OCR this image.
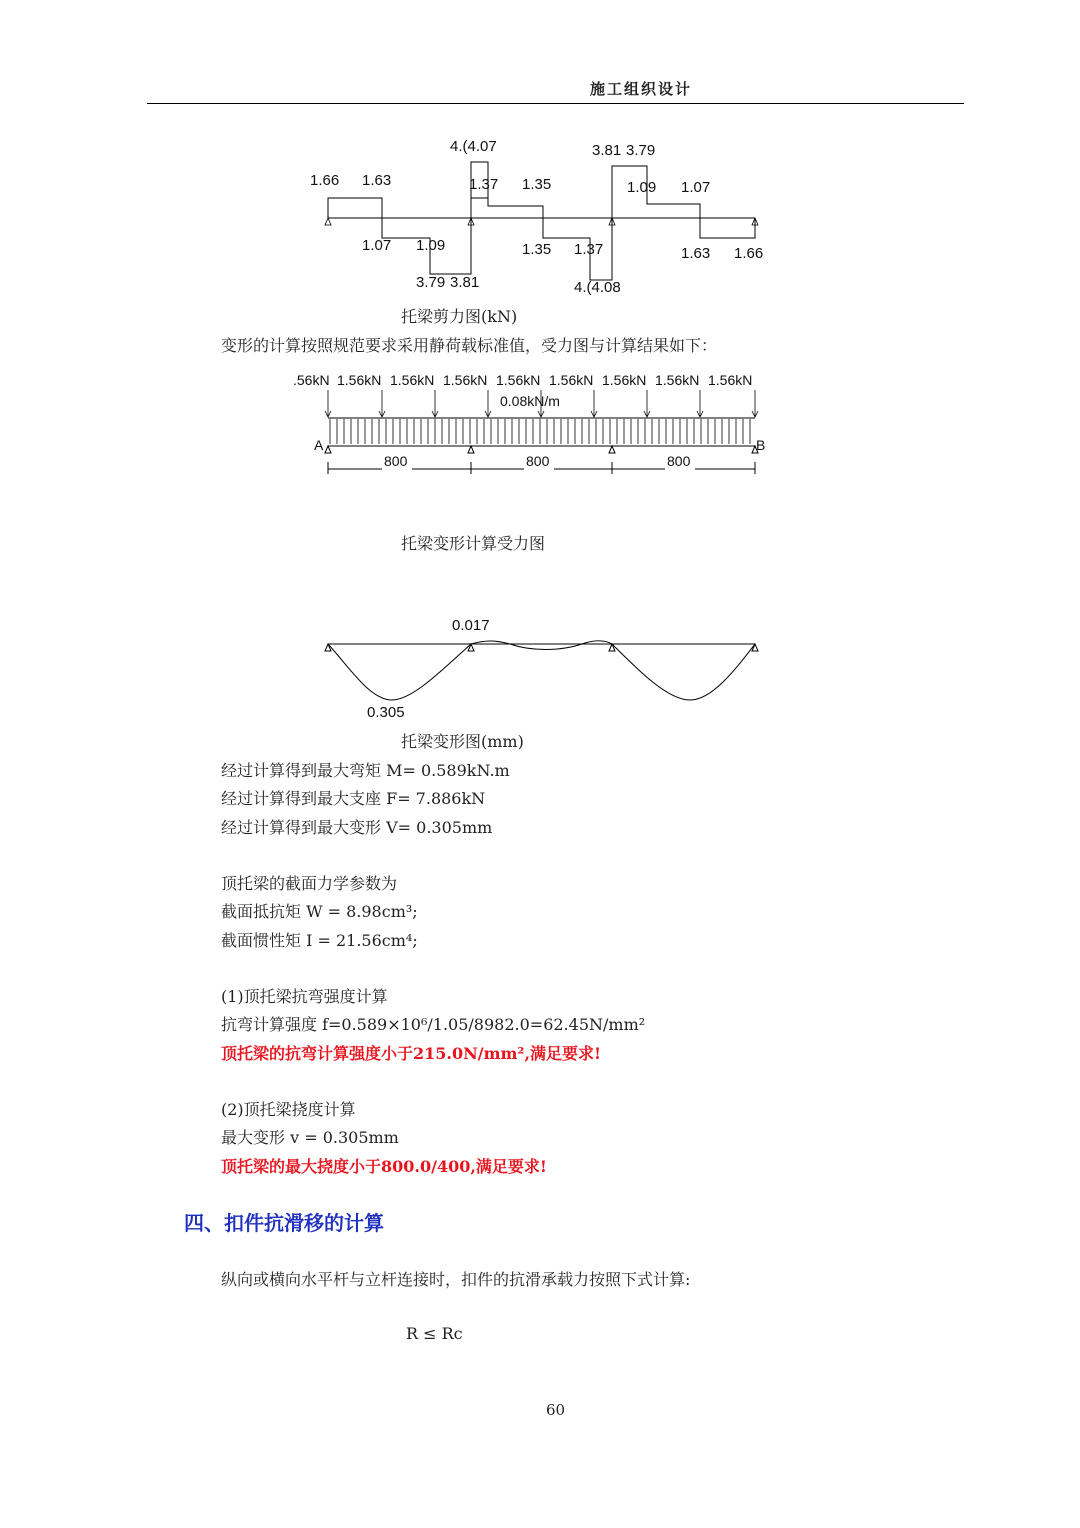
施工组织设计
1.66 1.63
4.(4.07
1.37 1.35
3.81 3.79
1.09 1.07
1.07 1.09
3.79 3.81
1.35 1.37
4.(4.08
1.63 1.66
托梁剪力图(kN)
变形的计算按照规范要求采用静荷载标准值，受力图与计算结果如下：
.56kN 1.56kN 1.56kN 1.56kN 1.56kN 1.56kN 1.56kN 1.56kN 1.56kN
0.08kN/m
A	B
800	800	800
托梁变形计算受力图
0.017
0.305
托梁变形图(mm)
经过计算得到最大弯矩 M= 0.589kN.m
经过计算得到最大支座 F= 7.886kN
经过计算得到最大变形 V= 0.305mm
顶托梁的截面力学参数为
截面抵抗矩 W = 8.98cm³;
截面惯性矩 I = 21.56cm⁴;
(1)顶托梁抗弯强度计算
抗弯计算强度 f=0.589×10⁶/1.05/8982.0=62.45N/mm²
顶托梁的抗弯计算强度小于215.0N/mm²,满足要求!
(2)顶托梁挠度计算
最大变形 v = 0.305mm
顶托梁的最大挠度小于800.0/400,满足要求!
四、扣件抗滑移的计算
纵向或横向水平杆与立杆连接时，扣件的抗滑承载力按照下式计算:
R ≤ Rc
60
